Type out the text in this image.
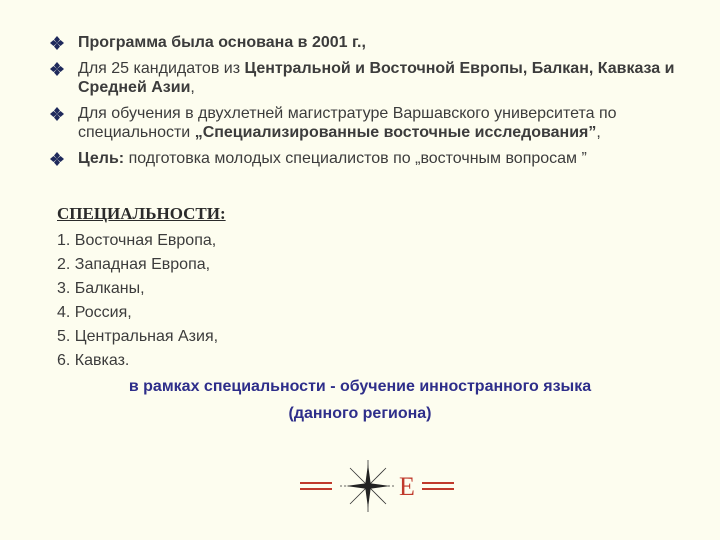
Программа была основана в 2001 г.,
Для 25 кандидатов из Центральной и Восточной Европы, Балкан, Кавказа и Средней Азии,
Для обучения в двухлетней магистратуре Варшавского университета по специальности „Специализированные восточные исследования”,
Цель: подготовка молодых специалистов по „восточным вопросам ”
СПЕЦИАЛЬНОСТИ:
1. Восточная Европа,
2. Западная Европа,
3. Балканы,
4. Россия,
5. Центральная Азия,
6. Кавказ.
в рамках специальности - обучение инностранного языка
(данного региона)
E
